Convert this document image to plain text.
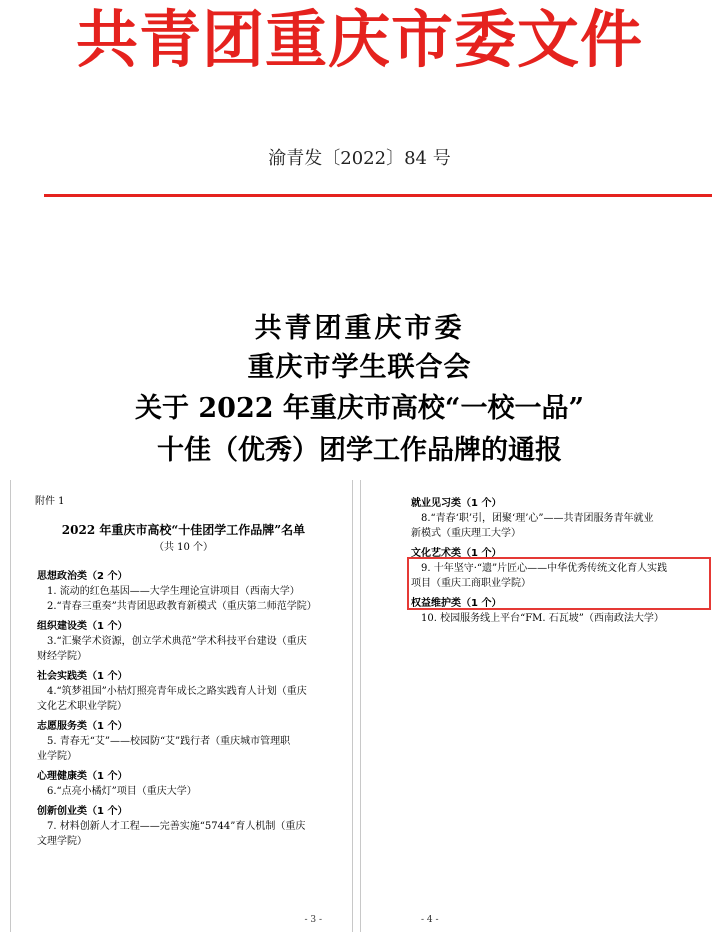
共青团重庆市委文件
渝青发〔2022〕84 号
共青团重庆市委
重庆市学生联合会
关于 2022 年重庆市高校“一校一品”
十佳（优秀）团学工作品牌的通报
附件 1
2022 年重庆市高校“十佳团学工作品牌”名单
（共 10 个）
思想政治类（2 个）
1. 流动的红色基因——大学生理论宣讲项目（西南大学）
2.“青春三重奏”共青团思政教育新模式（重庆第二师范学院）
组织建设类（1 个）
3.“汇聚学术资源，创立学术典范”学术科技平台建设（重庆
财经学院）
社会实践类（1 个）
4.“筑梦祖国”小桔灯照亮青年成长之路实践育人计划（重庆
文化艺术职业学院）
志愿服务类（1 个）
5. 青春无“艾”——校园防“艾”践行者（重庆城市管理职
业学院）
心理健康类（1 个）
6.“点亮小橘灯”项目（重庆大学）
创新创业类（1 个）
7. 材料创新人才工程——完善实施“5744”育人机制（重庆
文理学院）
- 3 -
就业见习类（1 个）
8.“青春‘职’引，团聚‘理’心”——共青团服务青年就业
新模式（重庆理工大学）
文化艺术类（1 个）
9. 十年坚守·“遗”片匠心——中华优秀传统文化育人实践
项目（重庆工商职业学院）
权益维护类（1 个）
10. 校园服务线上平台“FM. 石瓦坡”（西南政法大学）
- 4 -
